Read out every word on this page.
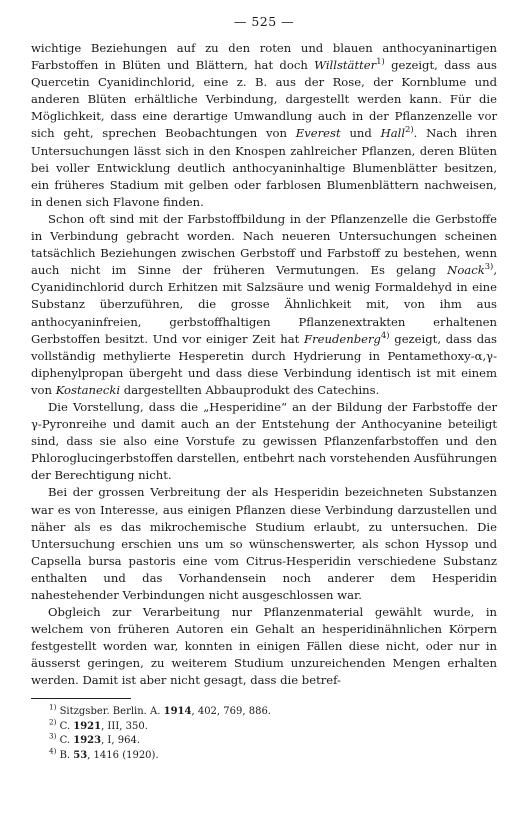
— 525 —

wichtige Beziehungen auf zu den roten und blauen anthocyaninartigen Farbstoffen in Blüten und Blättern, hat doch Willstätter$^{1)}$ gezeigt, dass aus Quercetin Cyanidinchlorid, eine z. B. aus der Rose, der Kornblume und anderen Blüten erhältliche Verbindung, dargestellt werden kann. Für die Möglichkeit, dass eine derartige Umwandlung auch in der Pflanzenzelle vor sich geht, sprechen Beobachtungen von Everest und Hall$^{2)}$. Nach ihren Untersuchungen lässt sich in den Knospen zahlreicher Pflanzen, deren Blüten bei voller Entwicklung deutlich anthocyaninhaltige Blumenblätter besitzen, ein früheres Stadium mit gelben oder farblosen Blumenblättern nachweisen, in denen sich Flavone finden.

Schon oft sind mit der Farbstoffbildung in der Pflanzenzelle die Gerbstoffe in Verbindung gebracht worden. Nach neueren Untersuchungen scheinen tatsächlich Beziehungen zwischen Gerbstoff und Farbstoff zu bestehen, wenn auch nicht im Sinne der früheren Vermutungen. Es gelang Noack$^{3)}$, Cyanidinchlorid durch Erhitzen mit Salzsäure und wenig Formaldehyd in eine Substanz überzuführen, die grosse Ähnlichkeit mit, von ihm aus anthocyaninfreien, gerbstoffhaltigen Pflanzenextrakten erhaltenen Gerbstoffen besitzt. Und vor einiger Zeit hat Freudenberg$^{4)}$ gezeigt, dass das vollständig methylierte Hesperetin durch Hydrierung in Pentamethoxy-α,γ-diphenylpropan übergeht und dass diese Verbindung identisch ist mit einem von Kostanecki dargestellten Abbauprodukt des Catechins.

Die Vorstellung, dass die „Hesperidine“ an der Bildung der Farbstoffe der γ-Pyronreihe und damit auch an der Entstehung der Anthocyanine beteiligt sind, dass sie also eine Vorstufe zu gewissen Pflanzenfarbstoffen und den Phloroglucingerbstoffen darstellen, entbehrt nach vorstehenden Ausführungen der Berechtigung nicht.

Bei der grossen Verbreitung der als Hesperidin bezeichneten Substanzen war es von Interesse, aus einigen Pflanzen diese Verbindung darzustellen und näher als es das mikrochemische Studium erlaubt, zu untersuchen. Die Untersuchung erschien uns um so wünschenswerter, als schon Hyssop und Capsella bursa pastoris eine vom Citrus-Hesperidin verschiedene Substanz enthalten und das Vorhandensein noch anderer dem Hesperidin nahestehender Verbindungen nicht ausgeschlossen war.

Obgleich zur Verarbeitung nur Pflanzenmaterial gewählt wurde, in welchem von früheren Autoren ein Gehalt an hesperidinähnlichen Körpern festgestellt worden war, konnten in einigen Fällen diese nicht, oder nur in äusserst geringen, zu weiterem Studium unzureichenden Mengen erhalten werden. Damit ist aber nicht gesagt, dass die betref-

$^{1)}$ Sitzgsber. Berlin. A. 1914, 402, 769, 886.

$^{2)}$ C. 1921, III, 350.

$^{3)}$ C. 1923, I, 964.

$^{4)}$ B. 53, 1416 (1920).
